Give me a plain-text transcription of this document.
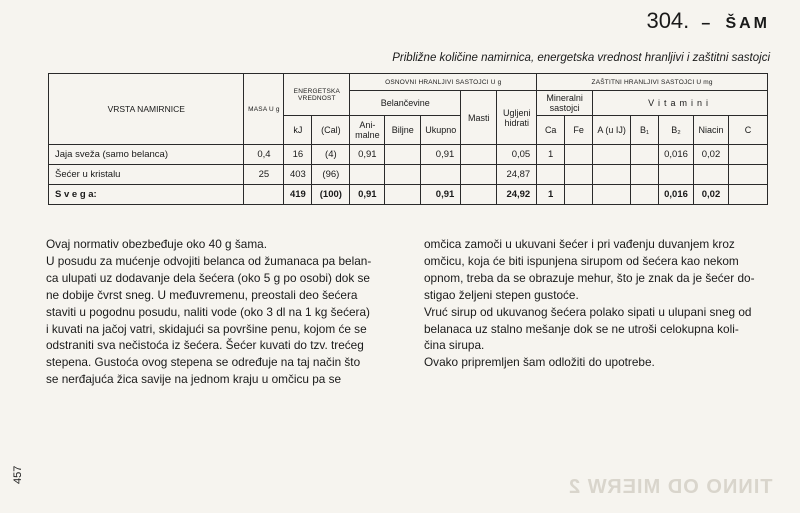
TINNO OD MIERW 2
304. – ŠAM
Približne količine namirnica, energetska vrednost hranljivi i zaštitni sastojci
VRSTA NAMIRNICE	MASA U g	ENERGETSKA VREDNOST		OSNOVNI HRANLJIVI SASTOJCI U g					ZAŠTITNI HRANLJIVI SASTOJCI U mg						
				Belančevine			Masti	Ugljeni hidrati	Mineralni sastojci		Vitamini				
		kJ	(Cal)	Ani- malne	Biljne	Ukupno			Ca	Fe	A (u IJ)	B₁	B₂	Niacin	C
Jaja sveža (samo belanca)	0,4	16	(4)	0,91		0,91		0,05	1				0,016	0,02	
Šećer u kristalu	25	403	(96)					24,87							
S v e g a:		419	(100)	0,91		0,91		24,92	1				0,016	0,02	

Ovaj normativ obezbeđuje oko 40 g šama.

U posudu za mućenje odvojiti belanca od žumanaca pa belan-

ca ulupati uz dodavanje dela šećera (oko 5 g po osobi) dok se

ne dobije čvrst sneg. U međuvremenu, preostali deo šećera

staviti u pogodnu posudu, naliti vode (oko 3 dl na 1 kg šećera)

i kuvati na jačoj vatri, skidajući sa površine penu, kojom će se

odstraniti sva nečistoća iz šećera. Šećer kuvati do tzv. trećeg

stepena. Gustoća ovog stepena se određuje na taj način što

se nerđajuća žica savije na jednom kraju u omčicu pa se

omčica zamoči u ukuvani šećer i pri vađenju duvanjem kroz

omčicu, koja će biti ispunjena sirupom od šećera kao nekom

opnom, treba da se obrazuje mehur, što je znak da je šećer do-

stigao željeni stepen gustoće.

Vruć sirup od ukuvanog šećera polako sipati u ulupani sneg od

belanaca uz stalno mešanje dok se ne utroši celokupna koli-

čina sirupa.

Ovako pripremljen šam odložiti do upotrebe.

457
